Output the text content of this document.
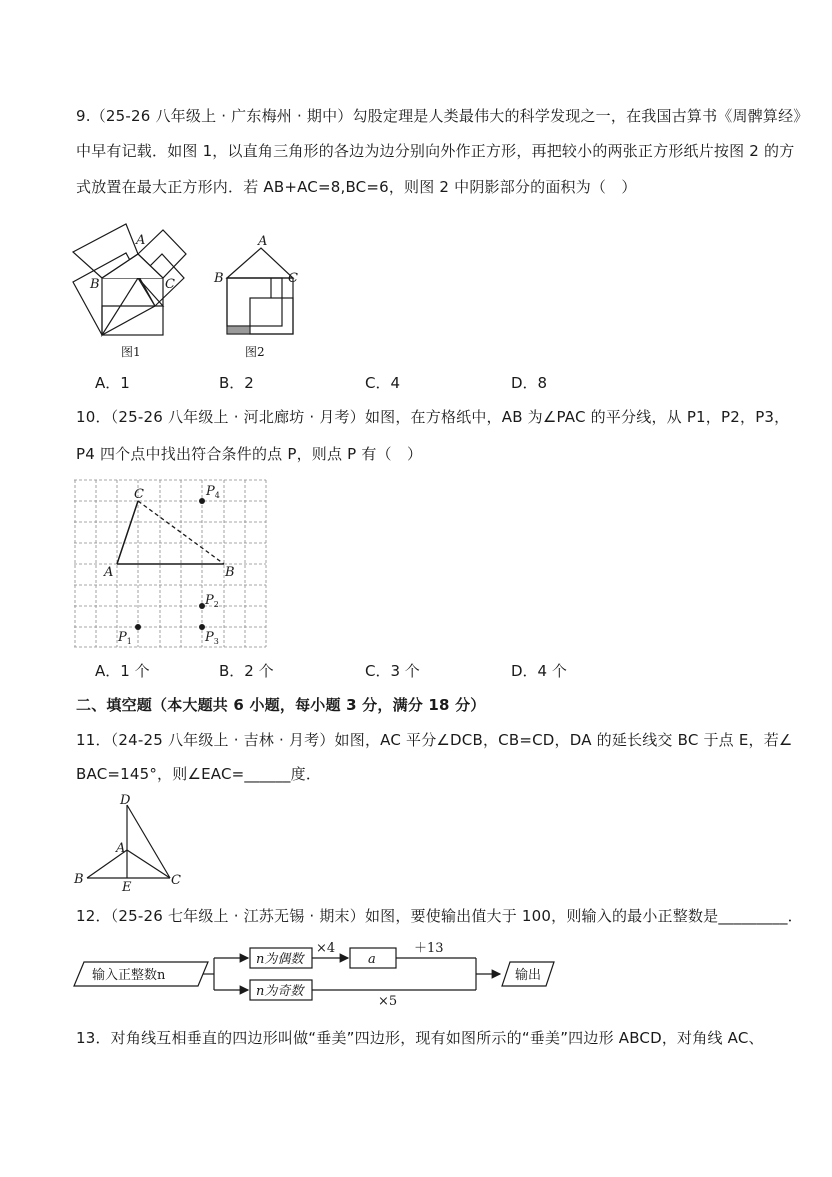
9.（25-26 八年级上 · 广东梅州 · 期中）勾股定理是人类最伟大的科学发现之一，在我国古算书《周髀算经》
中早有记载．如图 1，以直角三角形的各边为边分别向外作正方形，再把较小的两张正方形纸片按图 2 的方
式放置在最大正方形内．若 AB+AC=8,BC=6，则图 2 中阴影部分的面积为（　）
A
B	C
图1
A
B	C
图2
A．1	B．2	C．4	D．8
10．（25-26 八年级上 · 河北廊坊 · 月考）如图，在方格纸中，AB 为∠PAC 的平分线，从 P1，P2，P3，
P4 四个点中找出符合条件的点 P，则点 P 有（　）
C
A	B
$P_4$
$P_2$
$P_3$
$P_1$
A．1 个	B．2 个	C．3 个	D．4 个
二、填空题（本大题共 6 小题，每小题 3 分，满分 18 分）
11．（24-25 八年级上 · 吉林 · 月考）如图，AC 平分∠DCB，CB=CD，DA 的延长线交 BC 于点 E，若∠
BAC=145°，则∠EAC=______度．
D
A
B
E	C
12．（25-26 七年级上 · 江苏无锡 · 期末）如图，要使输出值大于 100，则输入的最小正整数是_________．
输入正整数n
n为偶数
n为奇数
×4
a
＋13
×5
输出
13．对角线互相垂直的四边形叫做“垂美”四边形，现有如图所示的“垂美”四边形 ABCD，对角线 AC、
